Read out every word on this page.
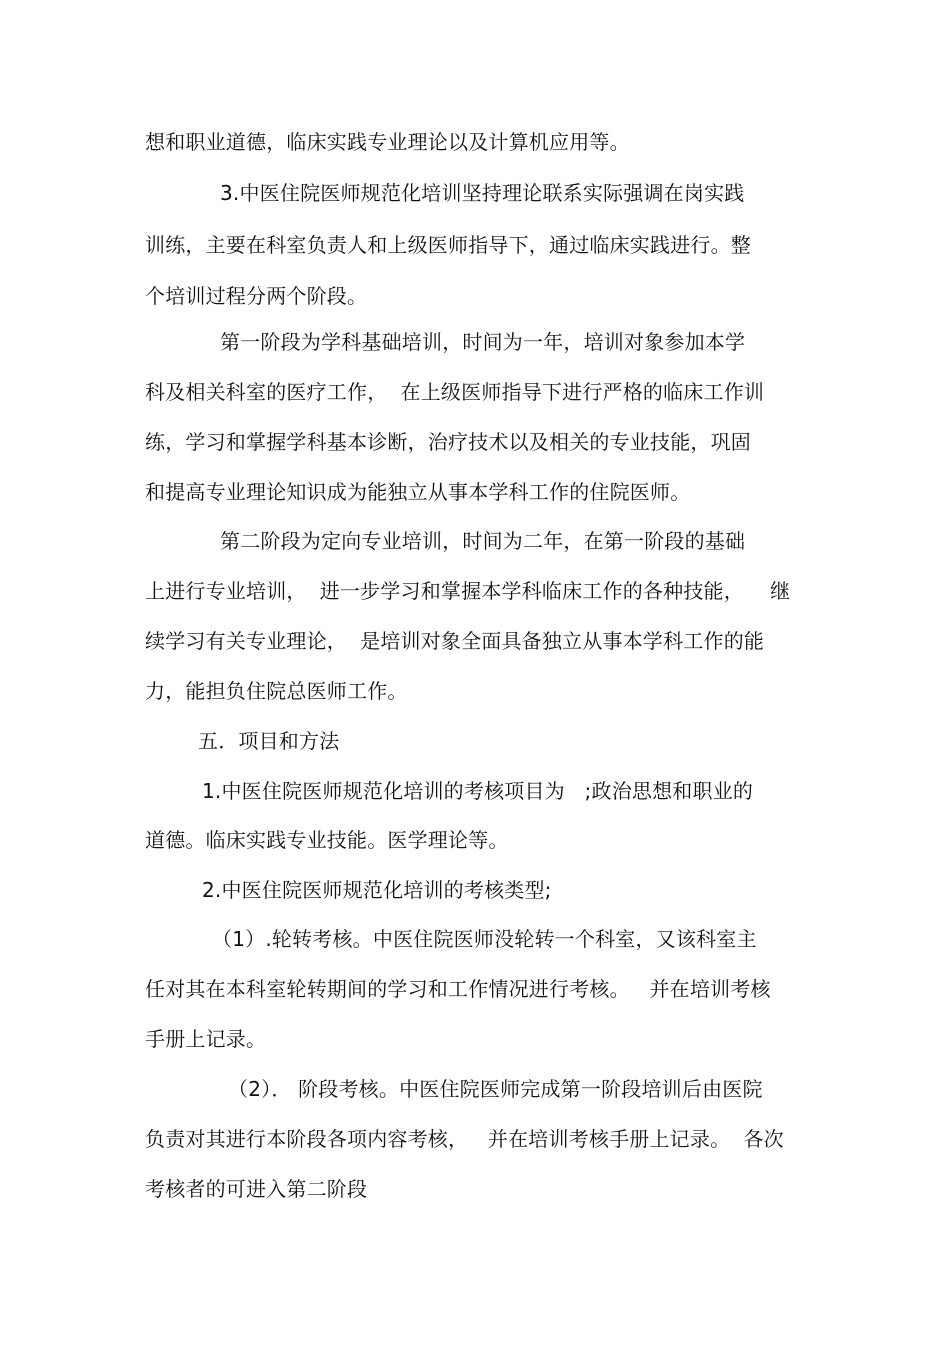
想和职业道德，临床实践专业理论以及计算机应用等。
3.中医住院医师规范化培训坚持理论联系实际强调在岗实践
训练，主要在科室负责人和上级医师指导下，通过临床实践进行。整
个培训过程分两个阶段。
第一阶段为学科基础培训，时间为一年，培训对象参加本学
科及相关科室的医疗工作，  在上级医师指导下进行严格的临床工作训
练，学习和掌握学科基本诊断，治疗技术以及相关的专业技能，巩固
和提高专业理论知识成为能独立从事本学科工作的住院医师。
第二阶段为定向专业培训，时间为二年，在第一阶段的基础
上进行专业培训，  进一步学习和掌握本学科临床工作的各种技能，    继
续学习有关专业理论，  是培训对象全面具备独立从事本学科工作的能
力，能担负住院总医师工作。
五．项目和方法
1.中医住院医师规范化培训的考核项目为   ;政治思想和职业的
道德。临床实践专业技能。医学理论等。
2.中医住院医师规范化培训的考核类型;
（1）.轮转考核。中医住院医师没轮转一个科室，又该科室主
任对其在本科室轮转期间的学习和工作情况进行考核。   并在培训考核
手册上记录。
（2）． 阶段考核。中医住院医师完成第一阶段培训后由医院
负责对其进行本阶段各项内容考核，   并在培训考核手册上记录。  各次
考核者的可进入第二阶段
